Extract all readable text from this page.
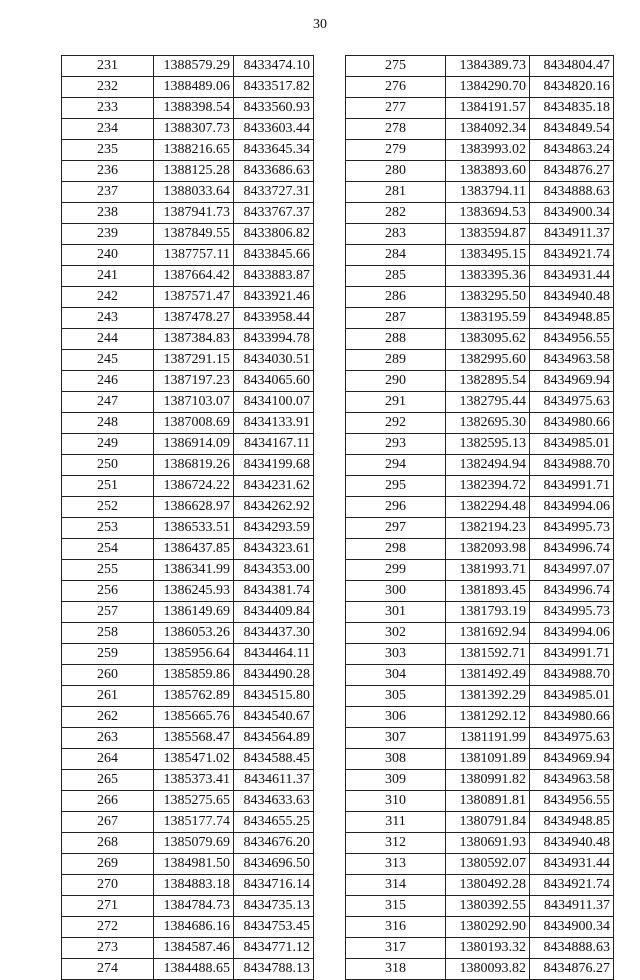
30
231	1388579.29	8433474.10
232	1388489.06	8433517.82
233	1388398.54	8433560.93
234	1388307.73	8433603.44
235	1388216.65	8433645.34
236	1388125.28	8433686.63
237	1388033.64	8433727.31
238	1387941.73	8433767.37
239	1387849.55	8433806.82
240	1387757.11	8433845.66
241	1387664.42	8433883.87
242	1387571.47	8433921.46
243	1387478.27	8433958.44
244	1387384.83	8433994.78
245	1387291.15	8434030.51
246	1387197.23	8434065.60
247	1387103.07	8434100.07
248	1387008.69	8434133.91
249	1386914.09	8434167.11
250	1386819.26	8434199.68
251	1386724.22	8434231.62
252	1386628.97	8434262.92
253	1386533.51	8434293.59
254	1386437.85	8434323.61
255	1386341.99	8434353.00
256	1386245.93	8434381.74
257	1386149.69	8434409.84
258	1386053.26	8434437.30
259	1385956.64	8434464.11
260	1385859.86	8434490.28
261	1385762.89	8434515.80
262	1385665.76	8434540.67
263	1385568.47	8434564.89
264	1385471.02	8434588.45
265	1385373.41	8434611.37
266	1385275.65	8434633.63
267	1385177.74	8434655.25
268	1385079.69	8434676.20
269	1384981.50	8434696.50
270	1384883.18	8434716.14
271	1384784.73	8434735.13
272	1384686.16	8434753.45
273	1384587.46	8434771.12
274	1384488.65	8434788.13
275	1384389.73	8434804.47
276	1384290.70	8434820.16
277	1384191.57	8434835.18
278	1384092.34	8434849.54
279	1383993.02	8434863.24
280	1383893.60	8434876.27
281	1383794.11	8434888.63
282	1383694.53	8434900.34
283	1383594.87	8434911.37
284	1383495.15	8434921.74
285	1383395.36	8434931.44
286	1383295.50	8434940.48
287	1383195.59	8434948.85
288	1383095.62	8434956.55
289	1382995.60	8434963.58
290	1382895.54	8434969.94
291	1382795.44	8434975.63
292	1382695.30	8434980.66
293	1382595.13	8434985.01
294	1382494.94	8434988.70
295	1382394.72	8434991.71
296	1382294.48	8434994.06
297	1382194.23	8434995.73
298	1382093.98	8434996.74
299	1381993.71	8434997.07
300	1381893.45	8434996.74
301	1381793.19	8434995.73
302	1381692.94	8434994.06
303	1381592.71	8434991.71
304	1381492.49	8434988.70
305	1381392.29	8434985.01
306	1381292.12	8434980.66
307	1381191.99	8434975.63
308	1381091.89	8434969.94
309	1380991.82	8434963.58
310	1380891.81	8434956.55
311	1380791.84	8434948.85
312	1380691.93	8434940.48
313	1380592.07	8434931.44
314	1380492.28	8434921.74
315	1380392.55	8434911.37
316	1380292.90	8434900.34
317	1380193.32	8434888.63
318	1380093.82	8434876.27
